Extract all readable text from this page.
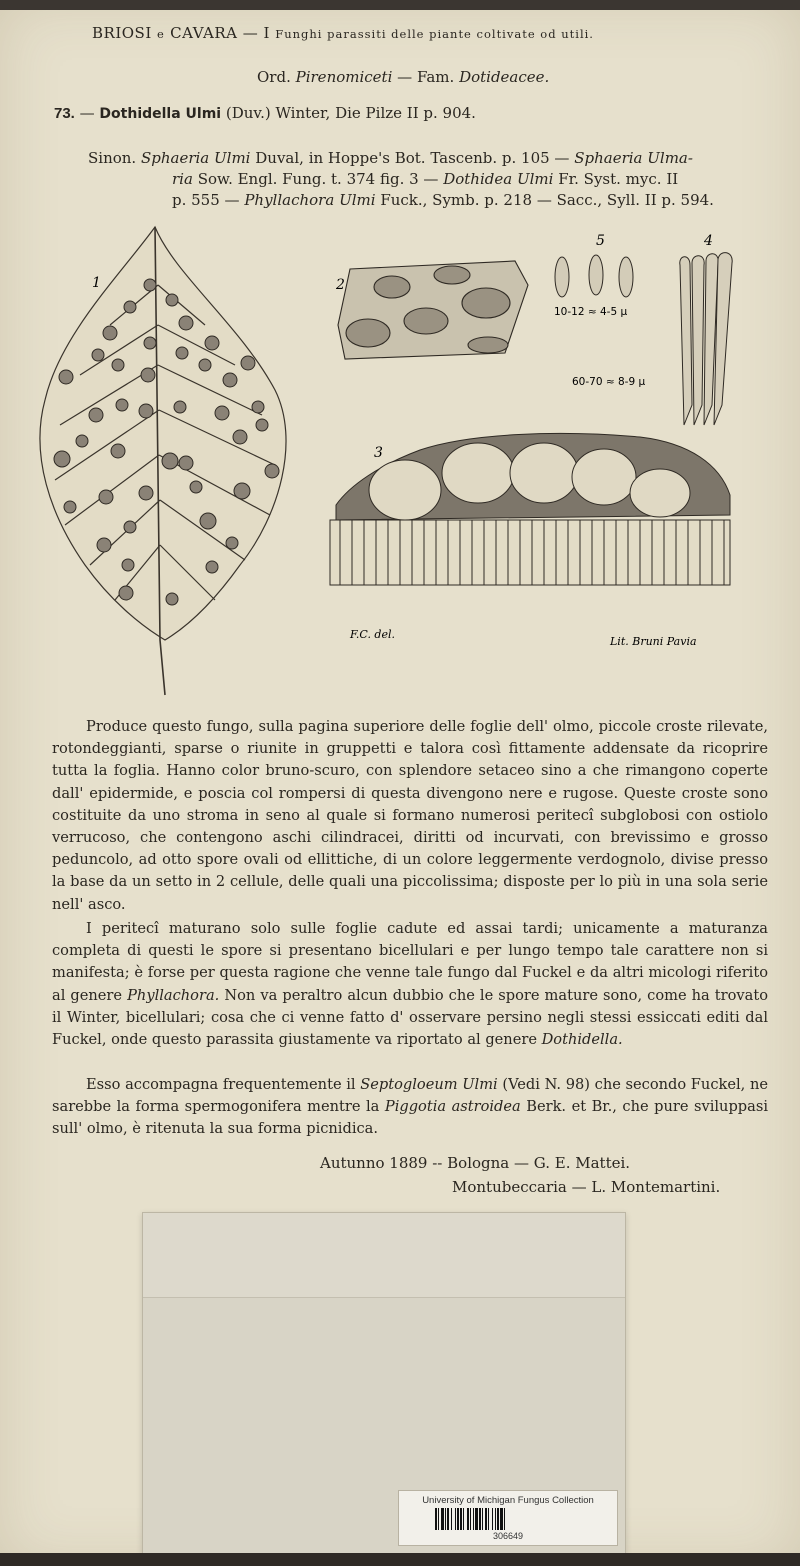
BRIOSI e CAVARA — I Funghi parassiti delle piante coltivate od utili.
Ord. Pirenomiceti — Fam. Dotideacee.
73. — Dothidella Ulmi (Duv.) Winter, Die Pilze II p. 904.
Sinon. Sphaeria Ulmi Duval, in Hoppe's Bot. Tascenb. p. 105 — Sphaeria Ulma-
ria Sow. Engl. Fung. t. 374 fig. 3 — Dothidea Ulmi Fr. Syst. myc. II
p. 555 — Phyllachora Ulmi Fuck., Symb. p. 218 — Sacc., Syll. II p. 594.
1	2
5
10-12 ≈ 4-5 μ
4
60-70 ≈ 8-9 μ
3
F.C. del.
Lit. Bruni Pavia
Produce questo fungo, sulla pagina superiore delle foglie dell' olmo, piccole croste rilevate, rotondeggianti, sparse o riunite in gruppetti e talora così fittamente addensate da ricoprire tutta la foglia. Hanno color bruno-scuro, con splendore setaceo sino a che rimangono coperte dall' epidermide, e poscia col rompersi di questa divengono nere e rugose. Queste croste sono costituite da uno stroma in seno al quale si formano numerosi peritecî subglobosi con ostiolo verrucoso, che contengono aschi cilindracei, diritti od incurvati, con brevissimo e grosso peduncolo, ad otto spore ovali od ellittiche, di un colore leggermente verdognolo, divise presso la base da un setto in 2 cellule, delle quali una piccolissima; disposte per lo più in una sola serie nell' asco.
I peritecî maturano solo sulle foglie cadute ed assai tardi; unicamente a maturanza completa di questi le spore si presentano bicellulari e per lungo tempo tale carattere non si manifesta; è forse per questa ragione che venne tale fungo dal Fuckel e da altri micologi riferito al genere Phyllachora. Non va peraltro alcun dubbio che le spore mature sono, come ha trovato il Winter, bicellulari; cosa che ci venne fatto d' osservare persino negli stessi essiccati editi dal Fuckel, onde questo parassita giustamente va riportato al genere Dothidella.
Esso accompagna frequentemente il Septogloeum Ulmi (Vedi N. 98) che secondo Fuckel, ne sarebbe la forma spermogonifera mentre la Piggotia astroidea Berk. et Br., che pure sviluppasi sull' olmo, è ritenuta la sua forma picnidica.
Autunno 1889 -- Bologna — G. E. Mattei.
Montubeccaria — L. Montemartini.
University of Michigan Fungus Collection
306649
